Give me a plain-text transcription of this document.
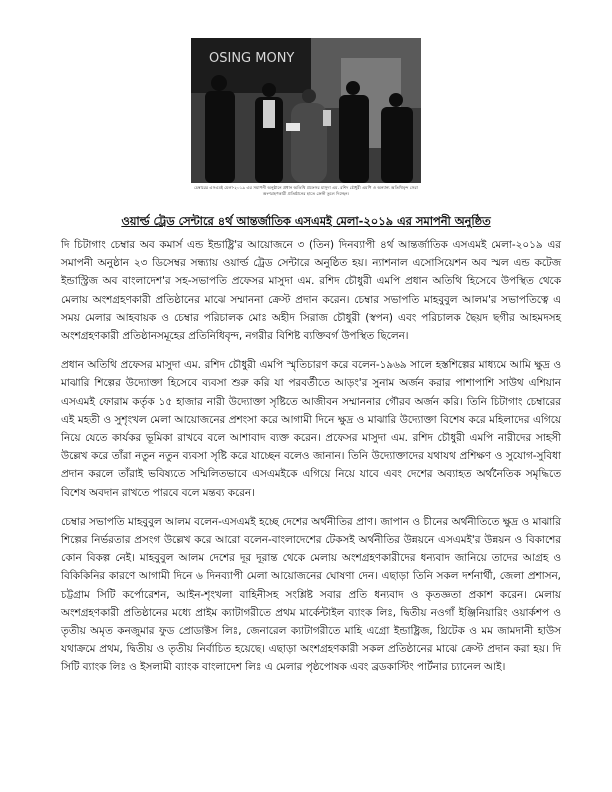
OSING MONY
চেম্বারের এসএমই মেলা-২০১৯ এর সমাপনী অনুষ্ঠানে প্রধান অতিথি প্রফেসর মাসুদা এম. রশিদ চৌধুরী এমপি ও অন্যান্য অতিথিবৃন্দ সেরা অংশগ্রহণকারী প্রতিষ্ঠানের হাতে ক্রেস্ট তুলে দিচ্ছেন।
ওয়ার্ল্ড ট্রেড সেন্টারে ৪র্থ আন্তর্জাতিক এসএমই মেলা-২০১৯ এর সমাপনী অনুষ্ঠিত

দি চিটাগাং চেম্বার অব কমার্স এন্ড ইন্ডাষ্ট্রি'র আয়োজনে ৩ (তিন) দিনব্যাপী ৪র্থ আন্তর্জাতিক এসএমই মেলা-২০১৯ এর সমাপনী অনুষ্ঠান ২৩ ডিসেম্বর সন্ধ্যায় ওয়ার্ল্ড ট্রেড সেন্টারে অনুষ্ঠিত হয়। ন্যাশনাল এসোসিয়েশন অব স্মল এন্ড কটেজ ইন্ডাস্ট্রিজ অব বাংলাদেশ'র সহ-সভাপতি প্রফেসর মাসুদা এম. রশিদ চৌধুরী এমপি প্রধান অতিথি হিসেবে উপস্থিত থেকে মেলায় অংশগ্রহণকারী প্রতিষ্ঠানের মাঝে সম্মাননা ক্রেস্ট প্রদান করেন। চেম্বার সভাপতি মাহবুবুল আলম'র সভাপতিত্বে এ সময় মেলার আহবায়ক ও চেম্বার পরিচালক মোঃ অহীদ সিরাজ চৌধুরী (স্বপন) এবং পরিচালক ছৈয়দ ছগীর আহমদসহ অংশগ্রহণকারী প্রতিষ্ঠানসমূহের প্রতিনিধিবৃন্দ, নগরীর বিশিষ্ট ব্যক্তিবর্গ উপস্থিত ছিলেন।

প্রধান অতিথি প্রফেসর মাসুদা এম. রশিদ চৌধুরী এমপি স্মৃতিচারণ করে বলেন-১৯৬৯ সালে হস্তশিল্পের মাধ্যমে আমি ক্ষুদ্র ও মাঝারি শিল্পের উদ্যোক্তা হিসেবে ব্যবসা শুরু করি যা পরবর্তীতে আড়ং'র সুনাম অর্জন করার পাশাপাশি সাউথ এশিয়ান এসএমই ফোরাম কর্তৃক ১৫ হাজার নারী উদ্যোক্তা সৃষ্টিতে আজীবন সম্মাননার গৌরব অর্জন করি। তিনি চিটাগাং চেম্বারের এই মহতী ও সুশৃংখল মেলা আয়োজনের প্রশংসা করে আগামী দিনে ক্ষুদ্র ও মাঝারি উদ্যোক্তা বিশেষ করে মহিলাদের এগিয়ে নিয়ে যেতে কার্যকর ভূমিকা রাখবে বলে আশাবাদ ব্যক্ত করেন। প্রফেসর মাসুদা এম. রশিদ চৌধুরী এমপি নারীদের সাহসী উল্লেখ করে তাঁরা নতুন নতুন ব্যবসা সৃষ্টি করে যাচ্ছেন বলেও জানান। তিনি উদ্যোক্তাদের যথাযথ প্রশিক্ষণ ও সুযোগ-সুবিধা প্রদান করলে তাঁরাই ভবিষ্যতে সম্মিলিতভাবে এসএমইকে এগিয়ে নিয়ে যাবে এবং দেশের অব্যাহত অর্থনৈতিক সমৃদ্ধিতে বিশেষ অবদান রাখতে পারবে বলে মন্তব্য করেন।

চেম্বার সভাপতি মাহবুবুল আলম বলেন-এসএমই হচ্ছে দেশের অর্থনীতির প্রাণ। জাপান ও চীনের অর্থনীতিতে ক্ষুদ্র ও মাঝারি শিল্পের নির্ভরতার প্রসংগ উল্লেখ করে আরো বলেন-বাংলাদেশের টেকসই অর্থনীতির উন্নয়নে এসএমই'র উন্নয়ন ও বিকাশের কোন বিকল্প নেই। মাহবুবুল আলম দেশের দূর দূরান্ত থেকে মেলায় অংশগ্রহণকারীদের ধন্যবাদ জানিয়ে তাদের আগ্রহ ও বিকিকিনির কারণে আগামী দিনে ৬ দিনব্যাপী মেলা আয়োজনের ঘোষণা দেন। এছাড়া তিনি সকল দর্শনার্থী, জেলা প্রশাসন, চট্টগ্রাম সিটি কর্পোরেশন, আইন-শৃংখলা বাহিনীসহ সংশ্লিষ্ট সবার প্রতি ধন্যবাদ ও কৃতজ্ঞতা প্রকাশ করেন। মেলায় অংশগ্রহণকারী প্রতিষ্ঠানের মধ্যে প্রাইম ক্যাটাগরীতে প্রথম মার্কেন্টাইল ব্যাংক লিঃ, দ্বিতীয় নওগাঁ ইঞ্জিনিয়ারিং ওয়ার্কশপ ও তৃতীয় অমৃত কনজুমার ফুড প্রোডাক্টস লিঃ, জেনারেল ক্যাটাগরীতে মাহি এগ্রো ইন্ডাষ্ট্রিজ, থ্রিটেক ও মম জামদানী হাউস যথাক্রমে প্রথম, দ্বিতীয় ও তৃতীয় নির্বাচিত হয়েছে। এছাড়া অংশগ্রহণকারী সকল প্রতিষ্ঠানের মাঝে ক্রেস্ট প্রদান করা হয়। দি সিটি ব্যাংক লিঃ ও ইসলামী ব্যাংক বাংলাদেশ লিঃ এ মেলার পৃষ্ঠপোষক এবং ব্রডকাস্টিং পার্টনার চ্যানেল আই।
